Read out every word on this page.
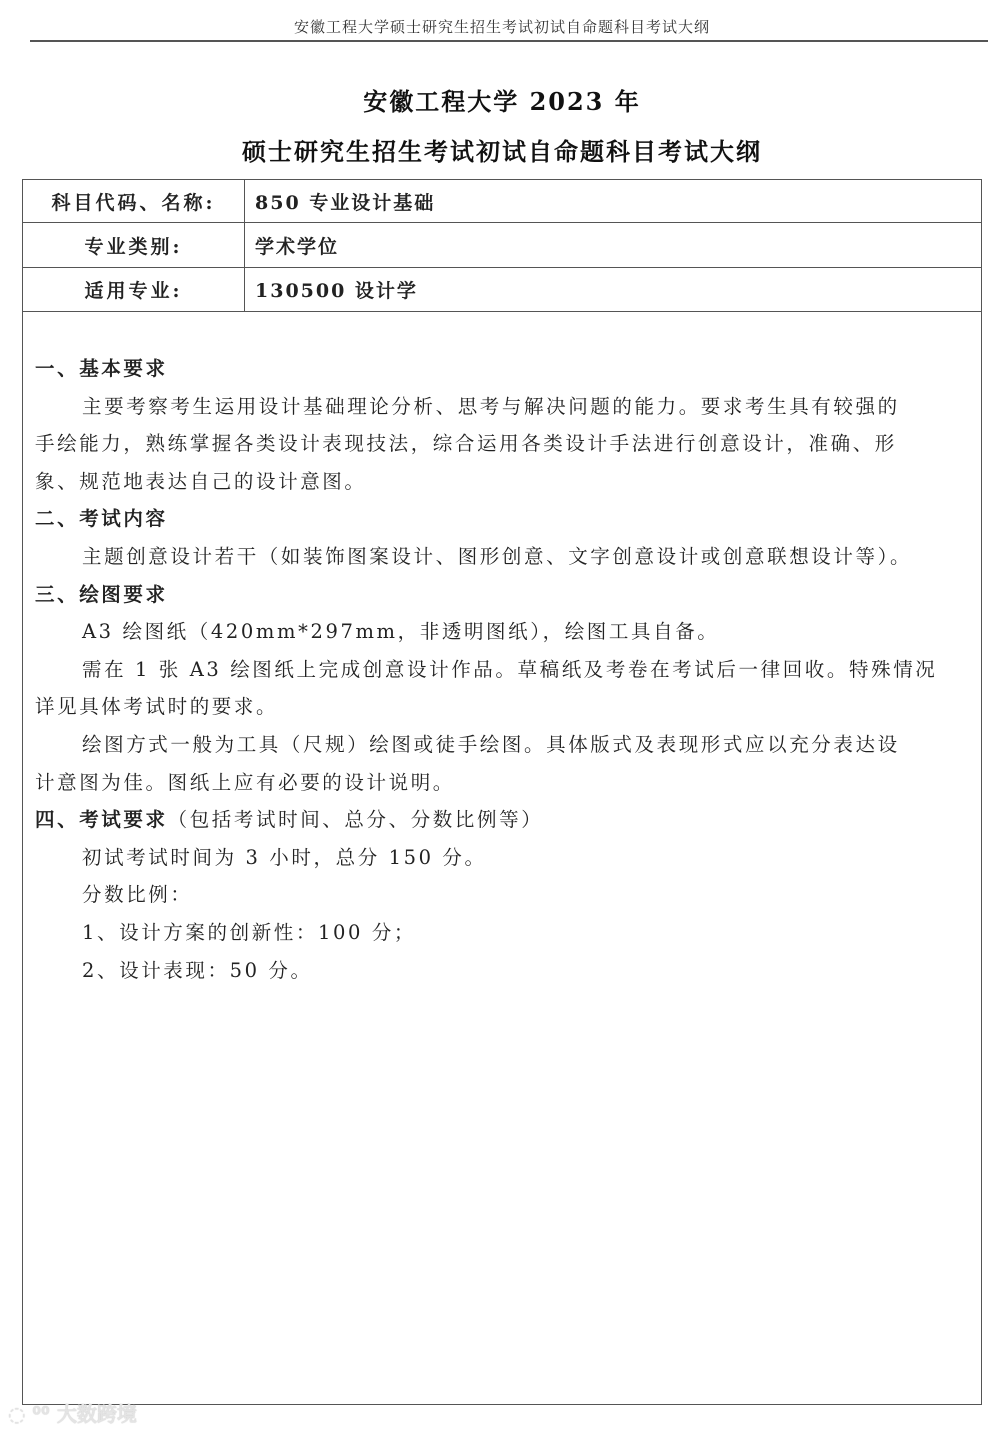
安徽工程大学硕士研究生招生考试初试自命题科目考试大纲
安徽工程大学 2023 年
硕士研究生招生考试初试自命题科目考试大纲
科目代码、名称:	850 专业设计基础
专业类别:	学术学位
适用专业:	130500 设计学
一、基本要求
主要考察考生运用设计基础理论分析、思考与解决问题的能力。要求考生具有较强的
手绘能力，熟练掌握各类设计表现技法，综合运用各类设计手法进行创意设计，准确、形
象、规范地表达自己的设计意图。
二、考试内容
主题创意设计若干（如装饰图案设计、图形创意、文字创意设计或创意联想设计等）。
三、绘图要求
A3 绘图纸（420mm*297mm，非透明图纸），绘图工具自备。
需在 1 张 A3 绘图纸上完成创意设计作品。草稿纸及考卷在考试后一律回收。特殊情况
详见具体考试时的要求。
绘图方式一般为工具（尺规）绘图或徒手绘图。具体版式及表现形式应以充分表达设
计意图为佳。图纸上应有必要的设计说明。
四、考试要求（包括考试时间、总分、分数比例等）
初试考试时间为 3 小时，总分 150 分。
分数比例：
1、设计方案的创新性：100 分；
2、设计表现：50 分。
◌ ⁰⁰ 大数跨境
